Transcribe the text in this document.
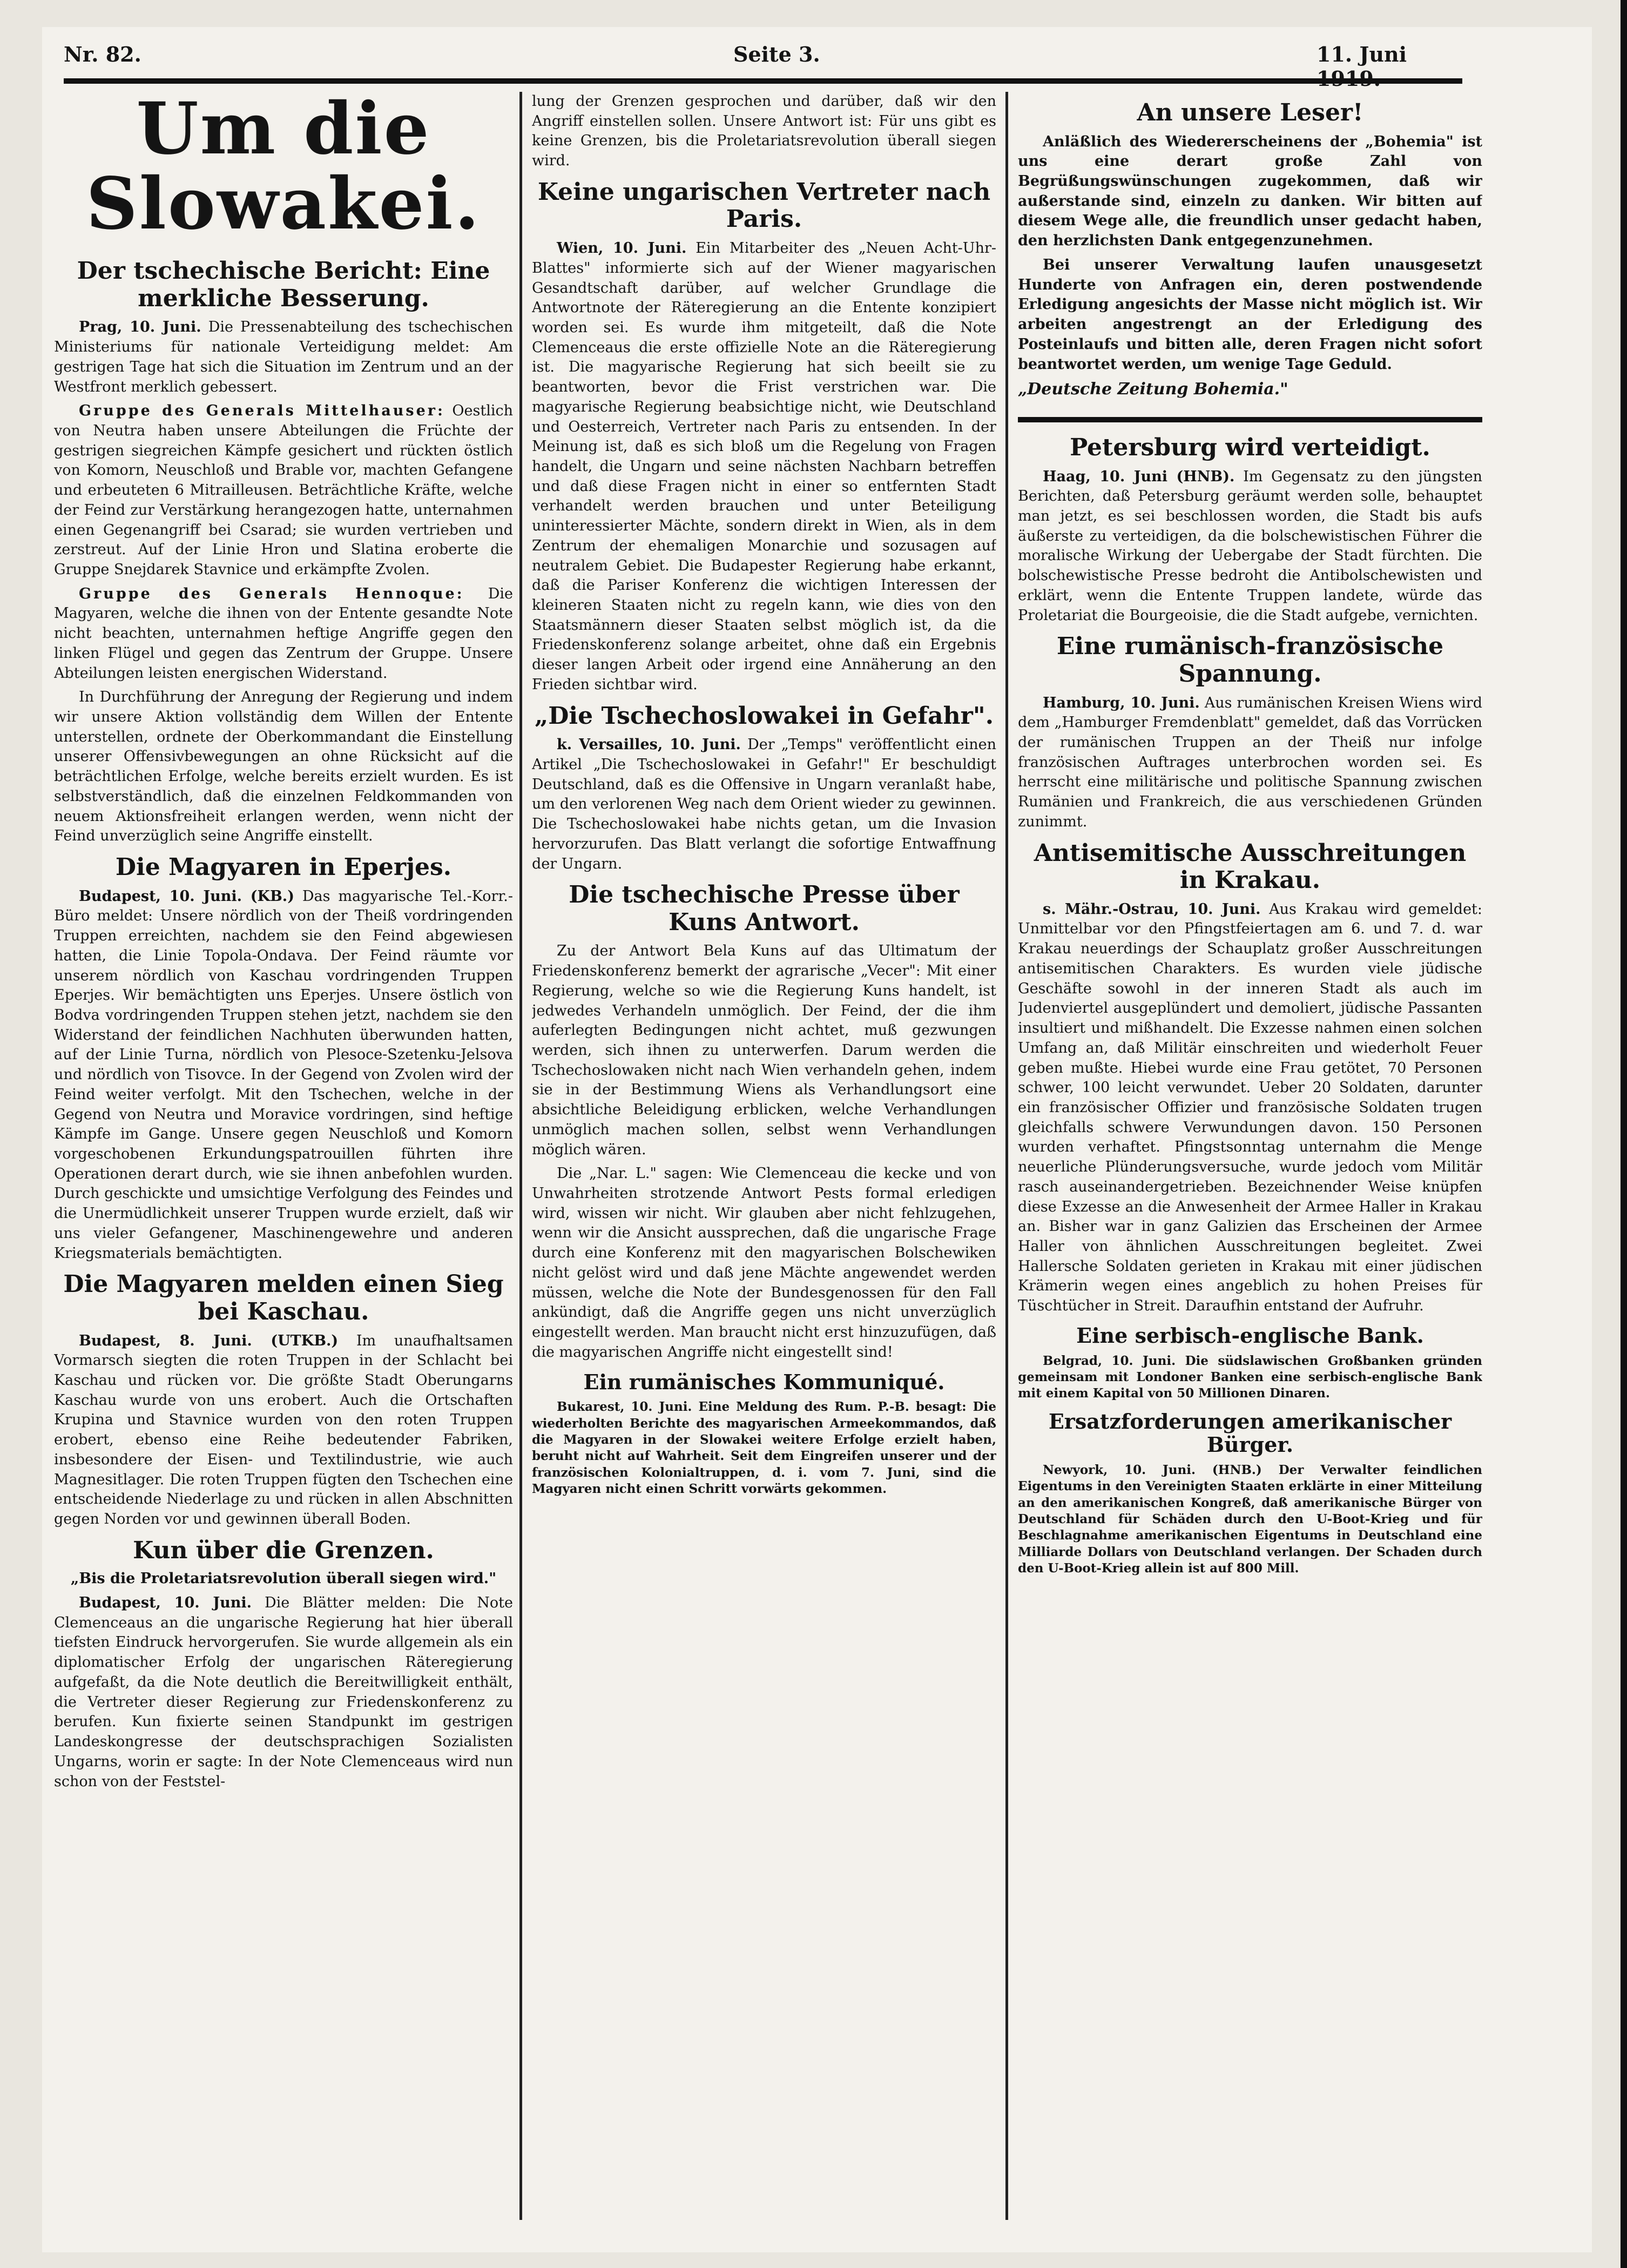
Nr. 82.	Seite 3.	11. Juni
Um die Slowakei.
Der tschechische Bericht: Eine merkliche Besserung.

Prag, 10. Juni. Die Pressenabteilung des tschechischen Ministeriums für nationale Verteidigung meldet: Am gestrigen Tage hat sich die Situation im Zentrum und an der Westfront merklich gebessert.

Gruppe des Generals Mittelhauser: Oestlich von Neutra haben unsere Abteilungen die Früchte der gestrigen siegreichen Kämpfe gesichert und rückten östlich von Komorn, Neuschloß und Brable vor, machten Gefangene und erbeuteten 6 Mitrailleusen. Beträchtliche Kräfte, welche der Feind zur Verstärkung herangezogen hatte, unternahmen einen Gegenangriff bei Csarad; sie wurden vertrieben und zerstreut. Auf der Linie Hron und Slatina eroberte die Gruppe Snejdarek Stavnice und erkämpfte Zvolen.

Gruppe des Generals Hennoque: Die Magyaren, welche die ihnen von der Entente gesandte Note nicht beachten, unternahmen heftige Angriffe gegen den linken Flügel und gegen das Zentrum der Gruppe. Unsere Abteilungen leisten energischen Widerstand.

In Durchführung der Anregung der Regierung und indem wir unsere Aktion vollständig dem Willen der Entente unterstellen, ordnete der Oberkommandant die Einstellung unserer Offensivbewegungen an ohne Rücksicht auf die beträchtlichen Erfolge, welche bereits erzielt wurden. Es ist selbstverständlich, daß die einzelnen Feldkommanden von neuem Aktionsfreiheit erlangen werden, wenn nicht der Feind unverzüglich seine Angriffe einstellt.

Die Magyaren in Eperjes.

Budapest, 10. Juni. (KB.) Das magyarische Tel.-Korr.-Büro meldet: Unsere nördlich von der Theiß vordringenden Truppen erreichten, nachdem sie den Feind abgewiesen hatten, die Linie Topola-Ondava. Der Feind räumte vor unserem nördlich von Kaschau vordringenden Truppen Eperjes. Wir bemächtigten uns Eperjes. Unsere östlich von Bodva vordringenden Truppen stehen jetzt, nachdem sie den Widerstand der feindlichen Nachhuten überwunden hatten, auf der Linie Turna, nördlich von Plesoce-Szetenku-Jelsova und nördlich von Tisovce. In der Gegend von Zvolen wird der Feind weiter verfolgt. Mit den Tschechen, welche in der Gegend von Neutra und Moravice vordringen, sind heftige Kämpfe im Gange. Unsere gegen Neuschloß und Komorn vorgeschobenen Erkundungspatrouillen führten ihre Operationen derart durch, wie sie ihnen anbefohlen wurden. Durch geschickte und umsichtige Verfolgung des Feindes und die Unermüdlichkeit unserer Truppen wurde erzielt, daß wir uns vieler Gefangener, Maschinengewehre und anderen Kriegsmaterials bemächtigten.

Die Magyaren melden einen Sieg bei Kaschau.

Budapest, 8. Juni. (UTKB.) Im unaufhaltsamen Vormarsch siegten die roten Truppen in der Schlacht bei Kaschau und rücken vor. Die größte Stadt Oberungarns Kaschau wurde von uns erobert. Auch die Ortschaften Krupina und Stavnice wurden von den roten Truppen erobert, ebenso eine Reihe bedeutender Fabriken, insbesondere der Eisen- und Textilindustrie, wie auch Magnesitlager. Die roten Truppen fügten den Tschechen eine entscheidende Niederlage zu und rücken in allen Abschnitten gegen Norden vor und gewinnen überall Boden.

Kun über die Grenzen.
„Bis die Proletariatsrevolution überall siegen wird."

Budapest, 10. Juni. Die Blätter melden: Die Note Clemenceaus an die ungarische Regierung hat hier überall tiefsten Eindruck hervorgerufen. Sie wurde allgemein als ein diplomatischer Erfolg der ungarischen Räteregierung aufgefaßt, da die Note deutlich die Bereitwilligkeit enthält, die Vertreter dieser Regierung zur Friedenskonferenz zu berufen. Kun fixierte seinen Standpunkt im gestrigen Landeskongresse der deutschsprachigen Sozialisten Ungarns, worin er sagte: In der Note Clemenceaus wird nun schon von der Feststel-

lung der Grenzen gesprochen und darüber, daß wir den Angriff einstellen sollen. Unsere Antwort ist: Für uns gibt es keine Grenzen, bis die Proletariatsrevolution überall siegen wird.

Keine ungarischen Vertreter nach Paris.

Wien, 10. Juni. Ein Mitarbeiter des „Neuen Acht-Uhr-Blattes" informierte sich auf der Wiener magyarischen Gesandtschaft darüber, auf welcher Grundlage die Antwortnote der Räteregierung an die Entente konzipiert worden sei. Es wurde ihm mitgeteilt, daß die Note Clemenceaus die erste offizielle Note an die Räteregierung ist. Die magyarische Regierung hat sich beeilt sie zu beantworten, bevor die Frist verstrichen war. Die magyarische Regierung beabsichtige nicht, wie Deutschland und Oesterreich, Vertreter nach Paris zu entsenden. In der Meinung ist, daß es sich bloß um die Regelung von Fragen handelt, die Ungarn und seine nächsten Nachbarn betreffen und daß diese Fragen nicht in einer so entfernten Stadt verhandelt werden brauchen und unter Beteiligung uninteressierter Mächte, sondern direkt in Wien, als in dem Zentrum der ehemaligen Monarchie und sozusagen auf neutralem Gebiet. Die Budapester Regierung habe erkannt, daß die Pariser Konferenz die wichtigen Interessen der kleineren Staaten nicht zu regeln kann, wie dies von den Staatsmännern dieser Staaten selbst möglich ist, da die Friedenskonferenz solange arbeitet, ohne daß ein Ergebnis dieser langen Arbeit oder irgend eine Annäherung an den Frieden sichtbar wird.

„Die Tschechoslowakei in Gefahr".

k. Versailles, 10. Juni. Der „Temps" veröffentlicht einen Artikel „Die Tschechoslowakei in Gefahr!" Er beschuldigt Deutschland, daß es die Offensive in Ungarn veranlaßt habe, um den verlorenen Weg nach dem Orient wieder zu gewinnen. Die Tschechoslowakei habe nichts getan, um die Invasion hervorzurufen. Das Blatt verlangt die sofortige Entwaffnung der Ungarn.

Die tschechische Presse über Kuns Antwort.

Zu der Antwort Bela Kuns auf das Ultimatum der Friedenskonferenz bemerkt der agrarische „Vecer": Mit einer Regierung, welche so wie die Regierung Kuns handelt, ist jedwedes Verhandeln unmöglich. Der Feind, der die ihm auferlegten Bedingungen nicht achtet, muß gezwungen werden, sich ihnen zu unterwerfen. Darum werden die Tschechoslowaken nicht nach Wien verhandeln gehen, indem sie in der Bestimmung Wiens als Verhandlungsort eine absichtliche Beleidigung erblicken, welche Verhandlungen unmöglich machen sollen, selbst wenn Verhandlungen möglich wären.

Die „Nar. L." sagen: Wie Clemenceau die kecke und von Unwahrheiten strotzende Antwort Pests formal erledigen wird, wissen wir nicht. Wir glauben aber nicht fehlzugehen, wenn wir die Ansicht aussprechen, daß die ungarische Frage durch eine Konferenz mit den magyarischen Bolschewiken nicht gelöst wird und daß jene Mächte angewendet werden müssen, welche die Note der Bundesgenossen für den Fall ankündigt, daß die Angriffe gegen uns nicht unverzüglich eingestellt werden. Man braucht nicht erst hinzuzufügen, daß die magyarischen Angriffe nicht eingestellt sind!

Ein rumänisches Kommuniqué.

Bukarest, 10. Juni. Eine Meldung des Rum. P.-B. besagt: Die wiederholten Berichte des magyarischen Armeekommandos, daß die Magyaren in der Slowakei weitere Erfolge erzielt haben, beruht nicht auf Wahrheit. Seit dem Eingreifen unserer und der französischen Kolonialtruppen, d. i. vom 7. Juni, sind die Magyaren nicht einen Schritt vorwärts gekommen.

An unsere Leser!

Anläßlich des Wiedererscheinens der „Bohemia" ist uns eine derart große Zahl von Begrüßungswünschungen zugekommen, daß wir außerstande sind, einzeln zu danken. Wir bitten auf diesem Wege alle, die freundlich unser gedacht haben, den herzlichsten Dank entgegenzunehmen.

Bei unserer Verwaltung laufen unausgesetzt Hunderte von Anfragen ein, deren postwendende Erledigung angesichts der Masse nicht möglich ist. Wir arbeiten angestrengt an der Erledigung des Posteinlaufs und bitten alle, deren Fragen nicht sofort beantwortet werden, um wenige Tage Geduld.

„Deutsche Zeitung Bohemia."

Petersburg wird verteidigt.

Haag, 10. Juni (HNB). Im Gegensatz zu den jüngsten Berichten, daß Petersburg geräumt werden solle, behauptet man jetzt, es sei beschlossen worden, die Stadt bis aufs äußerste zu verteidigen, da die bolschewistischen Führer die moralische Wirkung der Uebergabe der Stadt fürchten. Die bolschewistische Presse bedroht die Antibolschewisten und erklärt, wenn die Entente Truppen landete, würde das Proletariat die Bourgeoisie, die die Stadt aufgebe, vernichten.

Eine rumänisch-französische Spannung.

Hamburg, 10. Juni. Aus rumänischen Kreisen Wiens wird dem „Hamburger Fremdenblatt" gemeldet, daß das Vorrücken der rumänischen Truppen an der Theiß nur infolge französischen Auftrages unterbrochen worden sei. Es herrscht eine militärische und politische Spannung zwischen Rumänien und Frankreich, die aus verschiedenen Gründen zunimmt.

Antisemitische Ausschreitungen in Krakau.

s. Mähr.-Ostrau, 10. Juni. Aus Krakau wird gemeldet: Unmittelbar vor den Pfingstfeiertagen am 6. und 7. d. war Krakau neuerdings der Schauplatz großer Ausschreitungen antisemitischen Charakters. Es wurden viele jüdische Geschäfte sowohl in der inneren Stadt als auch im Judenviertel ausgeplündert und demoliert, jüdische Passanten insultiert und mißhandelt. Die Exzesse nahmen einen solchen Umfang an, daß Militär einschreiten und wiederholt Feuer geben mußte. Hiebei wurde eine Frau getötet, 70 Personen schwer, 100 leicht verwundet. Ueber 20 Soldaten, darunter ein französischer Offizier und französische Soldaten trugen gleichfalls schwere Verwundungen davon. 150 Personen wurden verhaftet. Pfingstsonntag unternahm die Menge neuerliche Plünderungsversuche, wurde jedoch vom Militär rasch auseinandergetrieben. Bezeichnender Weise knüpfen diese Exzesse an die Anwesenheit der Armee Haller in Krakau an. Bisher war in ganz Galizien das Erscheinen der Armee Haller von ähnlichen Ausschreitungen begleitet. Zwei Hallersche Soldaten gerieten in Krakau mit einer jüdischen Krämerin wegen eines angeblich zu hohen Preises für Tüschtücher in Streit. Daraufhin entstand der Aufruhr.

Eine serbisch-englische Bank.

Belgrad, 10. Juni. Die südslawischen Großbanken gründen gemeinsam mit Londoner Banken eine serbisch-englische Bank mit einem Kapital von 50 Millionen Dinaren.

Ersatzforderungen amerikanischer Bürger.

Newyork, 10. Juni. (HNB.) Der Verwalter feindlichen Eigentums in den Vereinigten Staaten erklärte in einer Mitteilung an den amerikanischen Kongreß, daß amerikanische Bürger von Deutschland für Schäden durch den U-Boot-Krieg und für Beschlagnahme amerikanischen Eigentums in Deutschland eine Milliarde Dollars von Deutschland verlangen. Der Schaden durch den U-Boot-Krieg allein ist auf 800 Mill.
